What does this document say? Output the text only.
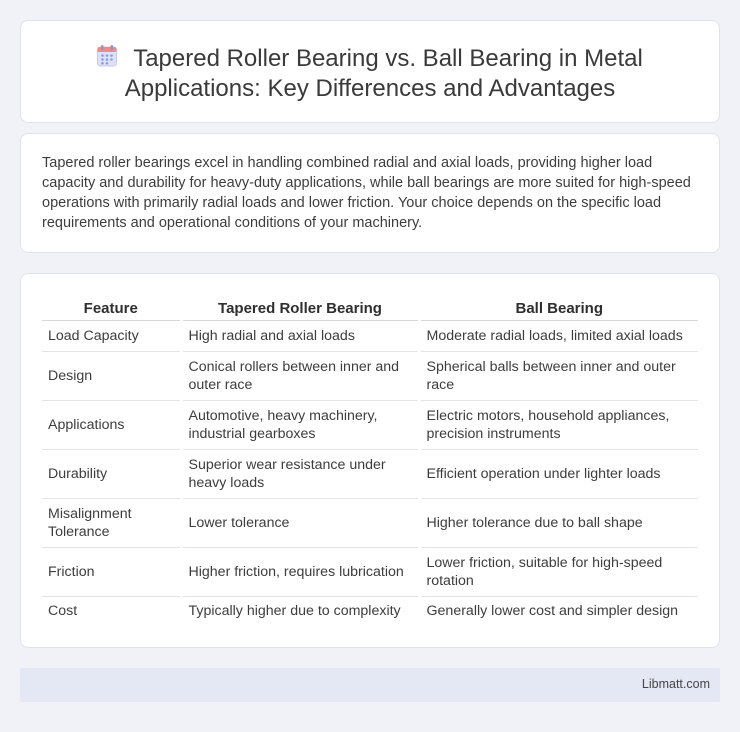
Tapered Roller Bearing vs. Ball Bearing in Metal
Applications: Key Differences and Advantages

Tapered roller bearings excel in handling combined radial and axial loads, providing higher load capacity and durability for heavy-duty applications, while ball bearings are more suited for high-speed operations with primarily radial loads and lower friction. Your choice depends on the specific load requirements and operational conditions of your machinery.

Feature	Tapered Roller Bearing	Ball Bearing
Load Capacity	High radial and axial loads	Moderate radial loads, limited axial loads
Design	Conical rollers between inner and outer race	Spherical balls between inner and outer race
Applications	Automotive, heavy machinery, industrial gearboxes	Electric motors, household appliances, precision instruments
Durability	Superior wear resistance under heavy loads	Efficient operation under lighter loads
Misalignment Tolerance	Lower tolerance	Higher tolerance due to ball shape
Friction	Higher friction, requires lubrication	Lower friction, suitable for high-speed rotation
Cost	Typically higher due to complexity	Generally lower cost and simpler design
Libmatt.com
